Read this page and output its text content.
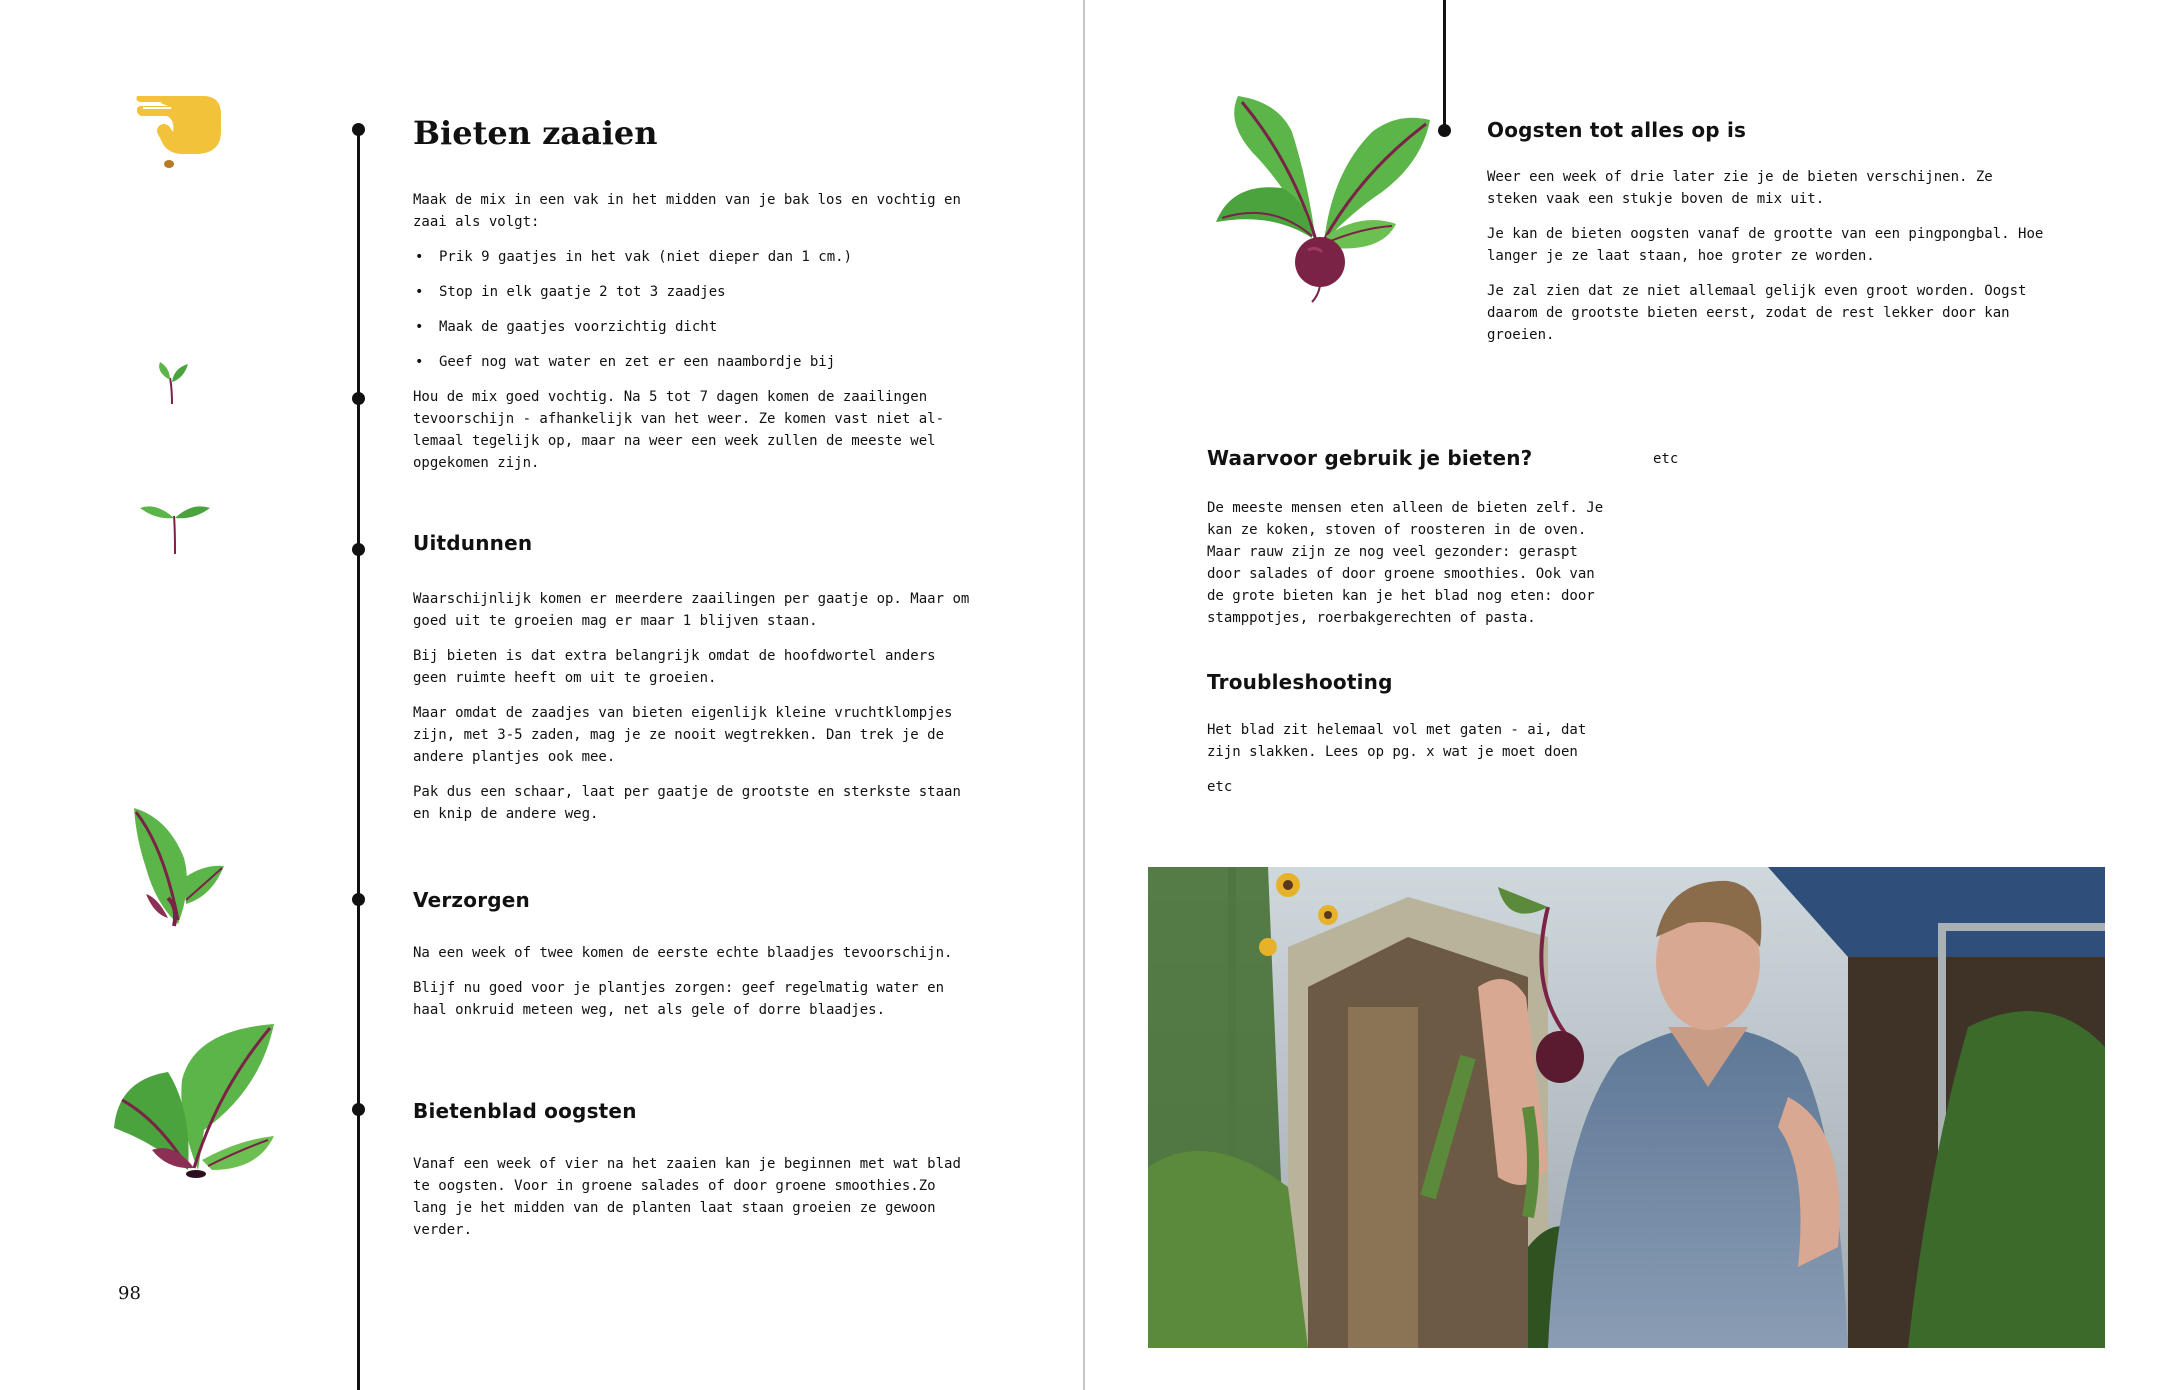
Bieten zaaien

Maak de mix in een vak in het midden van je bak los en vochtig en zaai als volgt:

• Prik 9 gaatjes in het vak (niet dieper dan 1 cm.)
• Stop in elk gaatje 2 tot 3 zaadjes
• Maak de gaatjes voorzichtig dicht
• Geef nog wat water en zet er een naambordje bij

Hou de mix goed vochtig. Na 5 tot 7 dagen komen de zaailingen tevoorschijn - afhankelijk van het weer. Ze komen vast niet allemaal tegelijk op, maar na weer een week zullen de meeste wel opgekomen zijn.

Uitdunnen

Waarschijnlijk komen er meerdere zaailingen per gaatje op. Maar om goed uit te groeien mag er maar 1 blijven staan.

Bij bieten is dat extra belangrijk omdat de hoofdwortel anders geen ruimte heeft om uit te groeien.

Maar omdat de zaadjes van bieten eigenlijk kleine vruchtklompjes zijn, met 3-5 zaden, mag je ze nooit wegtrekken. Dan trek je de andere plantjes ook mee.

Pak dus een schaar, laat per gaatje de grootste en sterkste staan en knip de andere weg.

Verzorgen

Na een week of twee komen de eerste echte blaadjes tevoorschijn.

Blijf nu goed voor je plantjes zorgen: geef regelmatig water en haal onkruid meteen weg, net als gele of dorre blaadjes.

Bietenblad oogsten

Vanaf een week of vier na het zaaien kan je beginnen met wat blad te oogsten. Voor in groene salades of door groene smoothies.Zo lang je het midden van de planten laat staan groeien ze gewoon verder.

98
Oogsten tot alles op is

Weer een week of drie later zie je de bieten verschijnen. Ze steken vaak een stukje boven de mix uit.

Je kan de bieten oogsten vanaf de grootte van een pingpongbal. Hoe langer je ze laat staan, hoe groter ze worden.

Je zal zien dat ze niet allemaal gelijk even groot worden. Oogst daarom de grootste bieten eerst, zodat de rest lekker door kan groeien.

Waarvoor gebruik je bieten?	etc

De meeste mensen eten alleen de bieten zelf. Je kan ze koken, stoven of roosteren in de oven. Maar rauw zijn ze nog veel gezonder: geraspt door salades of door groene smoothies. Ook van de grote bieten kan je het blad nog eten: door stamppotjes, roerbakgerechten of pasta.

Troubleshooting

Het blad zit helemaal vol met gaten - ai, dat zijn slakken. Lees op pg. x wat je moet doen

etc
